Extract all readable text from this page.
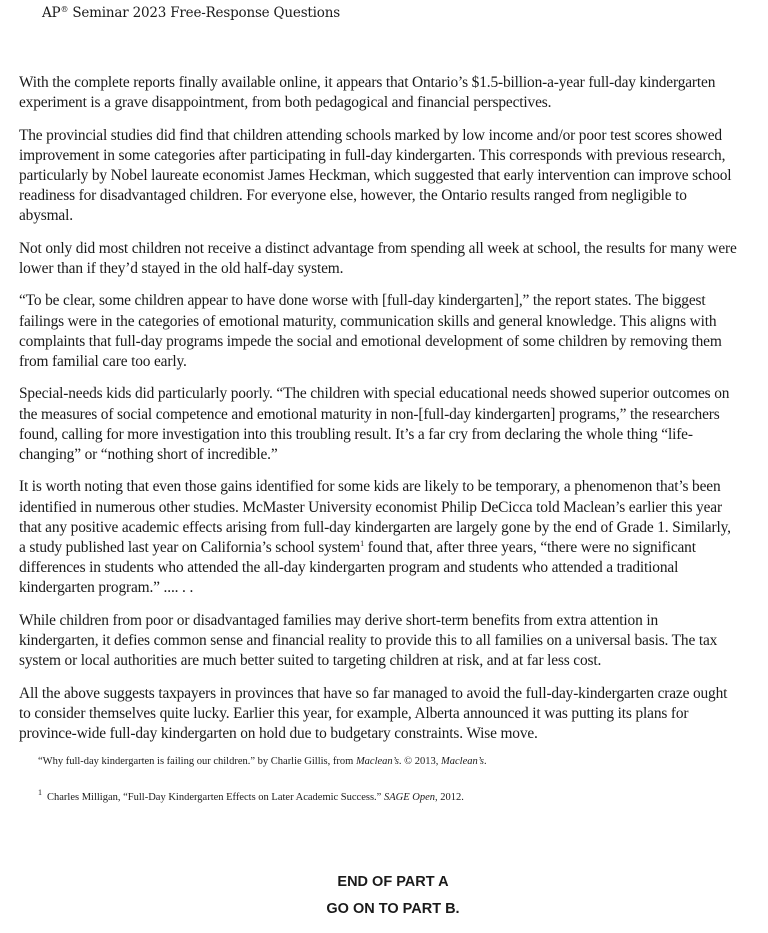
AP® Seminar 2023 Free-Response Questions

With the complete reports finally available online, it appears that Ontario’s $1.5-billion-a-year full-day kindergarten experiment is a grave disappointment, from both pedagogical and financial perspectives.

The provincial studies did find that children attending schools marked by low income and/or poor test scores showed improvement in some categories after participating in full-day kindergarten. This corresponds with previous research, particularly by Nobel laureate economist James Heckman, which suggested that early intervention can improve school readiness for disadvantaged children. For everyone else, however, the Ontario results ranged from negligible to abysmal.

Not only did most children not receive a distinct advantage from spending all week at school, the results for many were lower than if they’d stayed in the old half-day system.

“To be clear, some children appear to have done worse with [full-day kindergarten],” the report states. The biggest failings were in the categories of emotional maturity, communication skills and general knowledge. This aligns with complaints that full-day programs impede the social and emotional development of some children by removing them from familial care too early.

Special-needs kids did particularly poorly. “The children with special educational needs showed superior outcomes on the measures of social competence and emotional maturity in non-[full-day kindergarten] programs,” the researchers found, calling for more investigation into this troubling result. It’s a far cry from declaring the whole thing “life-changing” or “nothing short of incredible.”

It is worth noting that even those gains identified for some kids are likely to be temporary, a phenomenon that’s been identified in numerous other studies. McMaster University economist Philip DeCicca told Maclean’s earlier this year that any positive academic effects arising from full-day kindergarten are largely gone by the end of Grade 1. Similarly, a study published last year on California’s school system$^1$ found that, after three years, “there were no significant differences in students who attended the all-day kindergarten program and students who attended a traditional kindergarten program.” .... . .

While children from poor or disadvantaged families may derive short-term benefits from extra attention in kindergarten, it defies common sense and financial reality to provide this to all families on a universal basis. The tax system or local authorities are much better suited to targeting children at risk, and at far less cost.

All the above suggests taxpayers in provinces that have so far managed to avoid the full-day-kindergarten craze ought to consider themselves quite lucky. Earlier this year, for example, Alberta announced it was putting its plans for province-wide full-day kindergarten on hold due to budgetary constraints. Wise move.

“Why full-day kindergarten is failing our children.” by Charlie Gillis, from Maclean’s. © 2013, Maclean’s.
$^1$ Charles Milligan, “Full-Day Kindergarten Effects on Later Academic Success.” SAGE Open, 2012.
END OF PART A
GO ON TO PART B.
